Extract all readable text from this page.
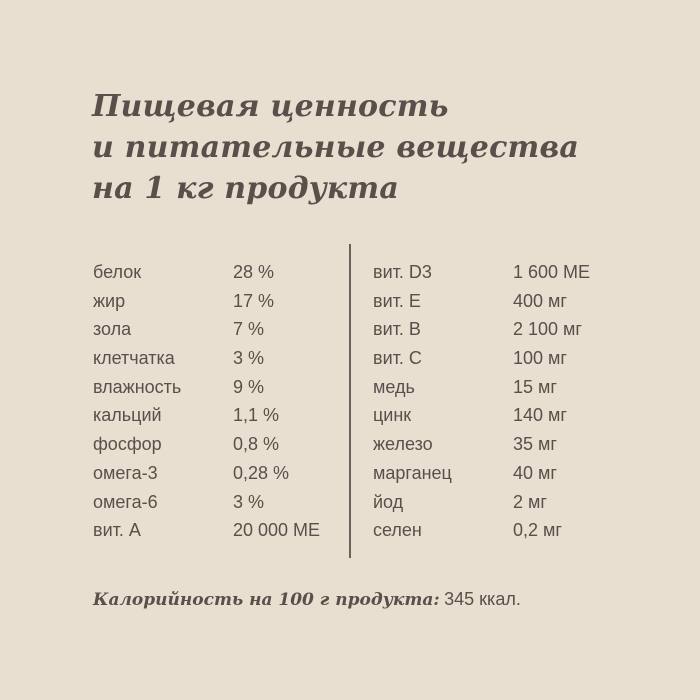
Пищевая ценность
и питательные вещества
на 1 кг продукта
белок	28 %
жир	17 %
зола	7 %
клетчатка	3 %
влажность	9 %
кальций	1,1 %
фосфор	0,8 %
омега-3	0,28 %
омега-6	3 %
вит. А	20 000 МЕ
вит. D3	1 600 МЕ
вит. Е	400 мг
вит. В	2 100 мг
вит. С	100 мг
медь	15 мг
цинк	140 мг
железо	35 мг
марганец	40 мг
йод	2 мг
селен	0,2 мг
Калорийность на 100 г продукта: 345 ккал.
